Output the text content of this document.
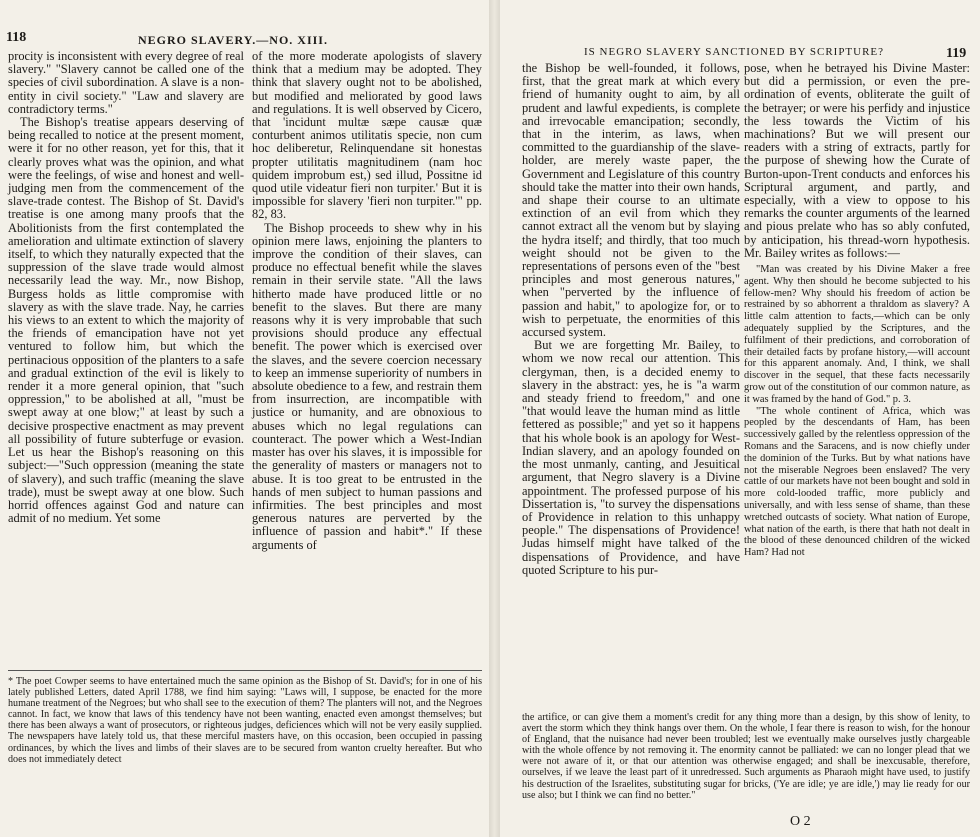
118	NEGRO SLAVERY.—NO. XIII.

procity is inconsistent with every degree of real slavery." "Slavery cannot be called one of the species of civil subordination. A slave is a non-entity in civil society." "Law and slavery are contradictory terms."

The Bishop's treatise appears deserving of being recalled to notice at the present moment, were it for no other reason, yet for this, that it clearly proves what was the opinion, and what were the feelings, of wise and honest and well-judging men from the commencement of the slave-trade contest. The Bishop of St. David's treatise is one among many proofs that the Abolitionists from the first contemplated the amelioration and ultimate extinction of slavery itself, to which they naturally expected that the suppression of the slave trade would almost necessarily lead the way. Mr., now Bishop, Burgess holds as little compromise with slavery as with the slave trade. Nay, he carries his views to an extent to which the majority of the friends of emancipation have not yet ventured to follow him, but which the pertinacious opposition of the planters to a safe and gradual extinction of the evil is likely to render it a more general opinion, that "such oppression," to be abolished at all, "must be swept away at one blow;" at least by such a decisive prospective enactment as may prevent all possibility of future subterfuge or evasion. Let us hear the Bishop's reasoning on this subject:—"Such oppression (meaning the state of slavery), and such traffic (meaning the slave trade), must be swept away at one blow. Such horrid offences against God and nature can admit of no medium. Yet some

of the more moderate apologists of slavery think that a medium may be adopted. They think that slavery ought not to be abolished, but modified and meliorated by good laws and regulations. It is well observed by Cicero, that 'incidunt multæ sæpe causæ quæ conturbent animos utilitatis specie, non cum hoc deliberetur, Relinquendane sit honestas propter utilitatis magnitudinem (nam hoc quidem improbum est,) sed illud, Possitne id quod utile videatur fieri non turpiter.' But it is impossible for slavery 'fieri non turpiter.'" pp. 82, 83.

The Bishop proceeds to shew why in his opinion mere laws, enjoining the planters to improve the condition of their slaves, can produce no effectual benefit while the slaves remain in their servile state. "All the laws hitherto made have produced little or no benefit to the slaves. But there are many reasons why it is very improbable that such provisions should produce any effectual benefit. The power which is exercised over the slaves, and the severe coercion necessary to keep an immense superiority of numbers in absolute obedience to a few, and restrain them from insurrection, are incompatible with justice or humanity, and are obnoxious to abuses which no legal regulations can counteract. The power which a West-Indian master has over his slaves, it is impossible for the generality of masters or managers not to abuse. It is too great to be entrusted in the hands of men subject to human passions and infirmities. The best principles and most generous natures are perverted by the influence of passion and habit*." If these arguments of

* The poet Cowper seems to have entertained much the same opinion as the Bishop of St. David's; for in one of his lately published Letters, dated April 1788, we find him saying: "Laws will, I suppose, be enacted for the more humane treatment of the Negroes; but who shall see to the execution of them? The planters will not, and the Negroes cannot. In fact, we know that laws of this tendency have not been wanting, enacted even amongst themselves; but there has been always a want of prosecutors, or righteous judges, deficiences which will not be very easily supplied. The newspapers have lately told us, that these merciful masters have, on this occasion, been occupied in passing ordinances, by which the lives and limbs of their slaves are to be secured from wanton cruelty hereafter. But who does not immediately detect
IS NEGRO SLAVERY SANCTIONED BY SCRIPTURE?	119

the Bishop be well-founded, it follows, first, that the great mark at which every friend of humanity ought to aim, by all prudent and lawful expedients, is complete and irrevocable emancipation; secondly, that in the interim, as laws, when committed to the guardianship of the slave-holder, are merely waste paper, the Government and Legislature of this country should take the matter into their own hands, and shape their course to an ultimate extinction of an evil from which they cannot extract all the venom but by slaying the hydra itself; and thirdly, that too much weight should not be given to the representations of persons even of the "best principles and most generous natures," when "perverted by the influence of passion and habit," to apologize for, or to wish to perpetuate, the enormities of this accursed system.

But we are forgetting Mr. Bailey, to whom we now recal our attention. This clergyman, then, is a decided enemy to slavery in the abstract: yes, he is "a warm and steady friend to freedom," and one "that would leave the human mind as little fettered as possible;" and yet so it happens that his whole book is an apology for West-Indian slavery, and an apology founded on the most unmanly, canting, and Jesuitical argument, that Negro slavery is a Divine appointment. The professed purpose of his Dissertation is, "to survey the dispensations of Providence in relation to this unhappy people." The dispensations of Providence! Judas himself might have talked of the dispensations of Providence, and have quoted Scripture to his pur-

pose, when he betrayed his Divine Master: but did a permission, or even the pre-ordination of events, obliterate the guilt of the betrayer; or were his perfidy and injustice the less towards the Victim of his machinations? But we will present our readers with a string of extracts, partly for the purpose of shewing how the Curate of Burton-upon-Trent conducts and enforces his Scriptural argument, and partly, and especially, with a view to oppose to his remarks the counter arguments of the learned and pious prelate who has so ably confuted, by anticipation, his thread-worn hypothesis. Mr. Bailey writes as follows:—

"Man was created by his Divine Maker a free agent. Why then should he become subjected to his fellow-men? Why should his freedom of action be restrained by so abhorrent a thraldom as slavery? A little calm attention to facts,—which can be only adequately supplied by the Scriptures, and the fulfilment of their predictions, and corroboration of their detailed facts by profane history,—will account for this apparent anomaly. And, I think, we shall discover in the sequel, that these facts necessarily grow out of the constitution of our common nature, as it was framed by the hand of God." p. 3.

"The whole continent of Africa, which was peopled by the descendants of Ham, has been successively galled by the relentless oppression of the Romans and the Saracens, and is now chiefly under the dominion of the Turks. But by what nations have not the miserable Negroes been enslaved? The very cattle of our markets have not been bought and sold in more cold-looded traffic, more publicly and universally, and with less sense of shame, than these wretched outcasts of society. What nation of Europe, what nation of the earth, is there that hath not dealt in the blood of these denounced children of the wicked Ham? Had not

the artifice, or can give them a moment's credit for any thing more than a design, by this show of lenity, to avert the storm which they think hangs over them. On the whole, I fear there is reason to wish, for the honour of England, that the nuisance had never been troubled; lest we eventually make ourselves justly chargeable with the whole offence by not removing it. The enormity cannot be palliated: we can no longer plead that we were not aware of it, or that our attention was otherwise engaged; and shall be inexcusable, therefore, ourselves, if we leave the least part of it unredressed. Such arguments as Pharaoh might have used, to justify his destruction of the Israelites, substituting sugar for bricks, ('Ye are idle; ye are idle,') may lie ready for our use also; but I think we can find no better."
O 2
